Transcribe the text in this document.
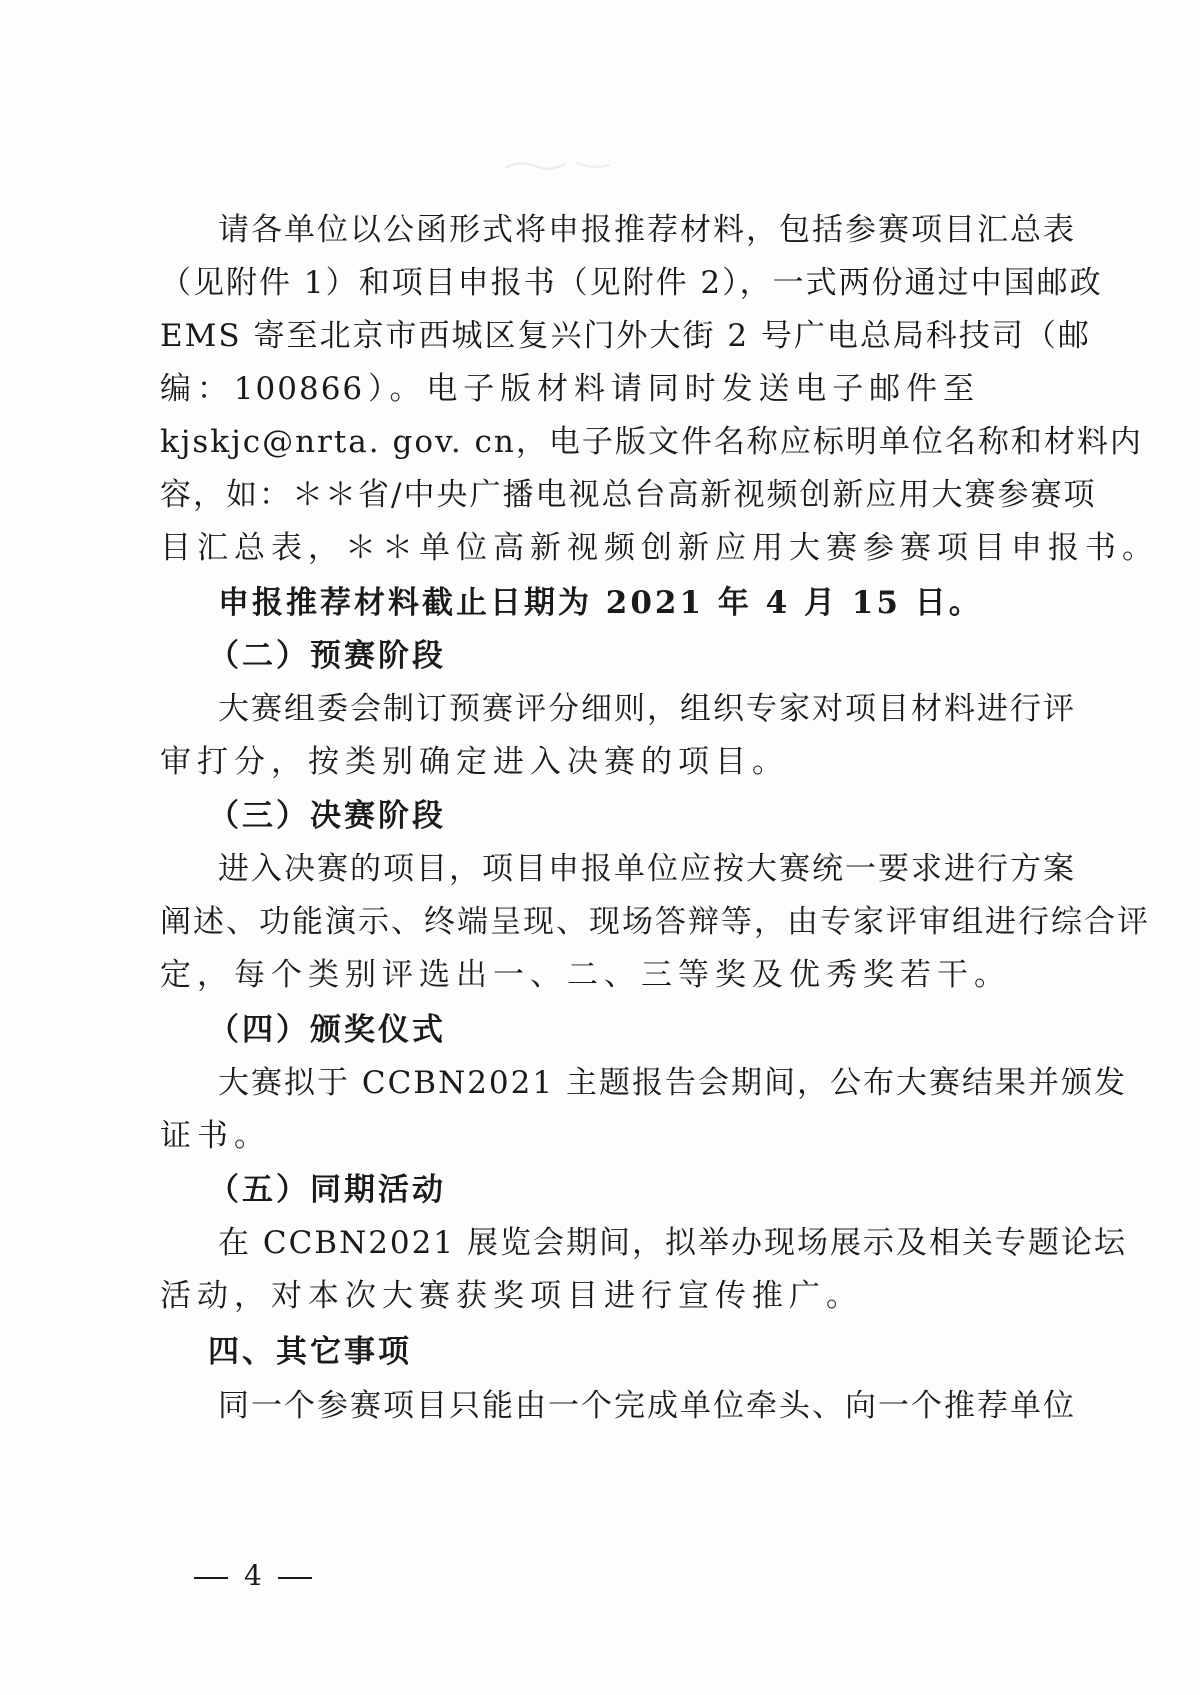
请各单位以公函形式将申报推荐材料，包括参赛项目汇总表
（见附件 1）和项目申报书（见附件 2），一式两份通过中国邮政
EMS 寄至北京市西城区复兴门外大街 2 号广电总局科技司（邮
编：100866）。电子版材料请同时发送电子邮件至
kjskjc@nrta. gov. cn，电子版文件名称应标明单位名称和材料内
容，如：＊＊省/中央广播电视总台高新视频创新应用大赛参赛项
目汇总表，＊＊单位高新视频创新应用大赛参赛项目申报书。
申报推荐材料截止日期为 2021 年 4 月 15 日。
（二）预赛阶段
大赛组委会制订预赛评分细则，组织专家对项目材料进行评
审打分，按类别确定进入决赛的项目。
（三）决赛阶段
进入决赛的项目，项目申报单位应按大赛统一要求进行方案
阐述、功能演示、终端呈现、现场答辩等，由专家评审组进行综合评
定，每个类别评选出一、二、三等奖及优秀奖若干。
（四）颁奖仪式
大赛拟于 CCBN2021 主题报告会期间，公布大赛结果并颁发
证书。
（五）同期活动
在 CCBN2021 展览会期间，拟举办现场展示及相关专题论坛
活动，对本次大赛获奖项目进行宣传推广。
四、其它事项
同一个参赛项目只能由一个完成单位牵头、向一个推荐单位
4
